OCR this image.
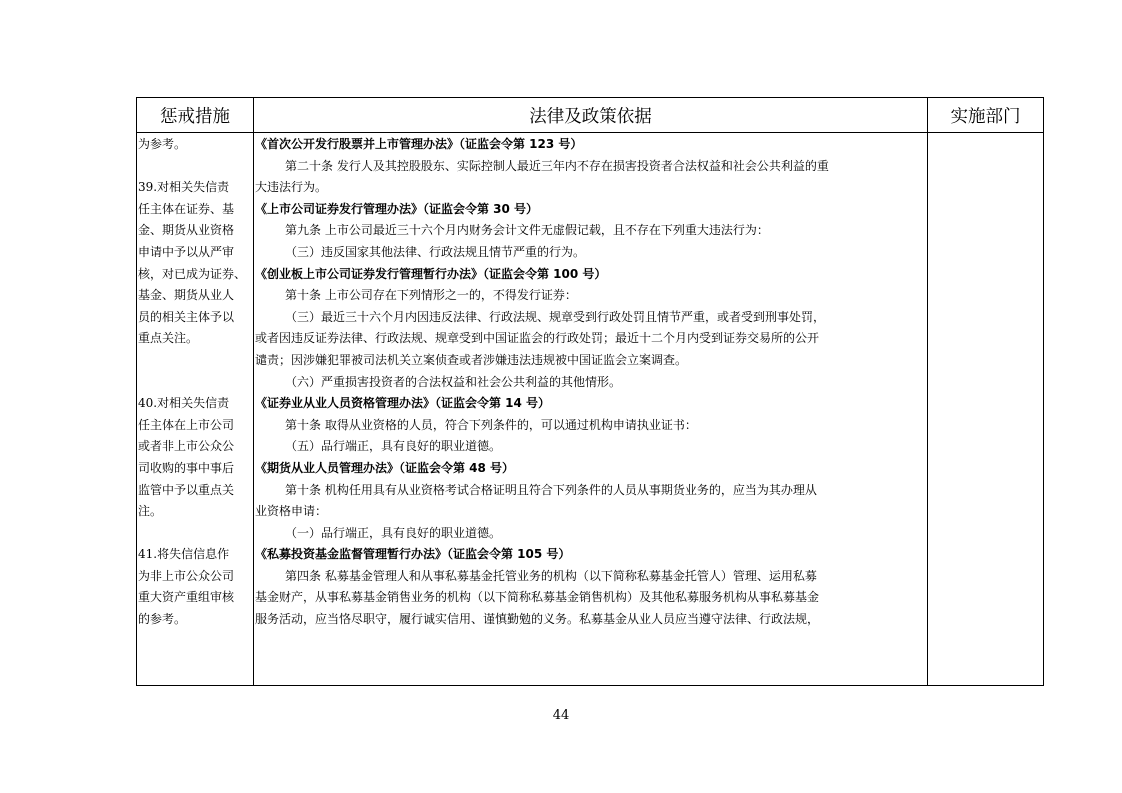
惩戒措施	法律及政策依据	实施部门
为参考。
39.对相关失信责
任主体在证券、基
金、期货从业资格
申请中予以从严审
核，对已成为证券、
基金、期货从业人
员的相关主体予以
重点关注。
40.对相关失信责
任主体在上市公司
或者非上市公众公
司收购的事中事后
监管中予以重点关
注。
41.将失信信息作
为非上市公众公司
重大资产重组审核
的参考。
《首次公开发行股票并上市管理办法》（证监会令第 123 号）
第二十条 发行人及其控股股东、实际控制人最近三年内不存在损害投资者合法权益和社会公共利益的重
大违法行为。
《上市公司证券发行管理办法》（证监会令第 30 号）
第九条 上市公司最近三十六个月内财务会计文件无虚假记载，且不存在下列重大违法行为：
（三）违反国家其他法律、行政法规且情节严重的行为。
《创业板上市公司证券发行管理暂行办法》（证监会令第 100 号）
第十条 上市公司存在下列情形之一的，不得发行证券：
（三）最近三十六个月内因违反法律、行政法规、规章受到行政处罚且情节严重，或者受到刑事处罚，
或者因违反证券法律、行政法规、规章受到中国证监会的行政处罚；最近十二个月内受到证券交易所的公开
谴责；因涉嫌犯罪被司法机关立案侦查或者涉嫌违法违规被中国证监会立案调查。
（六）严重损害投资者的合法权益和社会公共利益的其他情形。
《证券业从业人员资格管理办法》（证监会令第 14 号）
第十条 取得从业资格的人员，符合下列条件的，可以通过机构申请执业证书：
（五）品行端正，具有良好的职业道德。
《期货从业人员管理办法》（证监会令第 48 号）
第十条 机构任用具有从业资格考试合格证明且符合下列条件的人员从事期货业务的，应当为其办理从
业资格申请：
（一）品行端正，具有良好的职业道德。
《私募投资基金监督管理暂行办法》（证监会令第 105 号）
第四条 私募基金管理人和从事私募基金托管业务的机构（以下简称私募基金托管人）管理、运用私募
基金财产，从事私募基金销售业务的机构（以下简称私募基金销售机构）及其他私募服务机构从事私募基金
服务活动，应当恪尽职守，履行诚实信用、谨慎勤勉的义务。私募基金从业人员应当遵守法律、行政法规，
44
